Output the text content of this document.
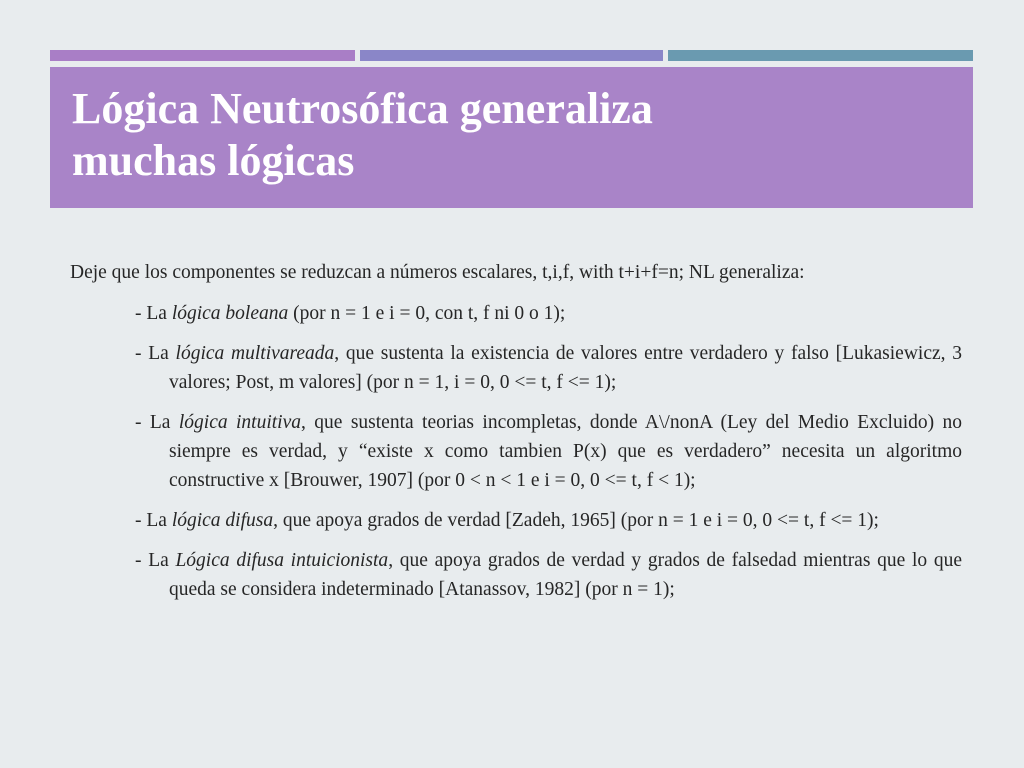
Lógica Neutrosófica generaliza
muchas lógicas

Deje que los componentes se reduzcan a números escalares, t,i,f, with t+i+f=n; NL generaliza:

- La lógica boleana (por n = 1 e i = 0, con t, f ni 0 o 1);
- La lógica multivareada, que sustenta la existencia de valores entre verdadero y falso [Lukasiewicz, 3 valores; Post, m valores] (por n = 1, i = 0, 0 <= t, f <= 1);
- La lógica intuitiva, que sustenta teorias incompletas, donde A\/nonA (Ley del Medio Excluido) no siempre es verdad, y “existe x como tambien P(x) que es verdadero” necesita un algoritmo constructive x [Brouwer, 1907] (por 0 < n < 1 e i = 0, 0 <= t, f < 1);
- La lógica difusa, que apoya grados de verdad [Zadeh, 1965] (por n = 1 e i = 0, 0 <= t, f <= 1);
- La Lógica difusa intuicionista, que apoya grados de verdad y grados de falsedad mientras que lo que queda se considera indeterminado [Atanassov, 1982] (por n = 1);
